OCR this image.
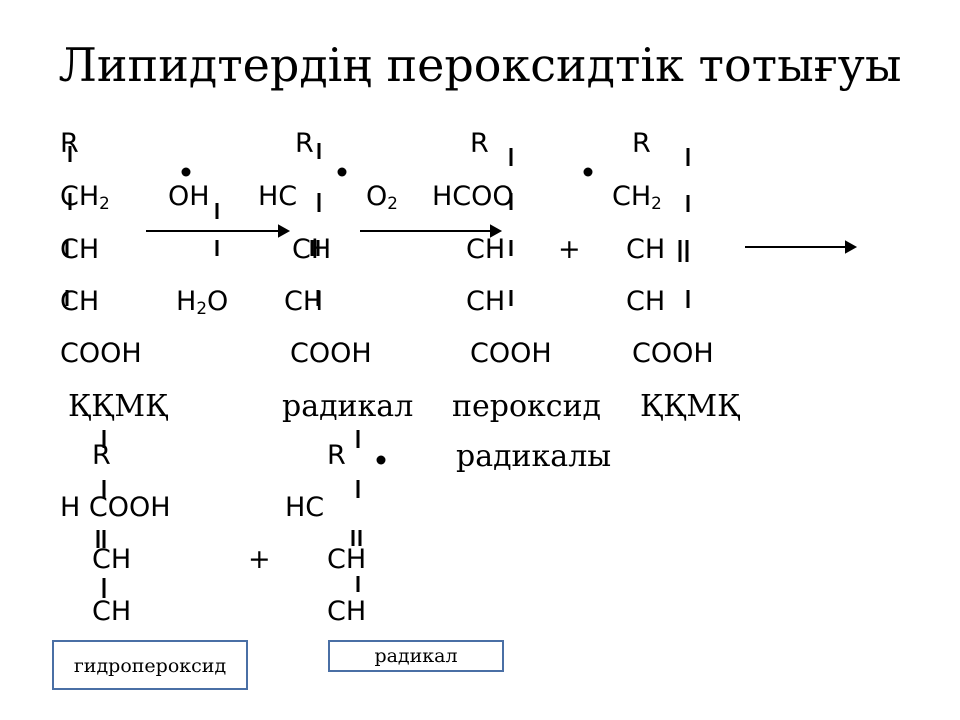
Липидтердің пероксидтік тотығуы
R	R	R	R
CH2 OH HC	O2 HCOO	CH2
CH	CH	CH + CH
CH	H2O CH	CH	CH
COOH	COOH	COOH	COOH
ҚҚМҚ	радикал пероксид ҚҚМҚ
радикалы
R	R
H COOH	HC
CH	+ CH
CH	CH
гидропероксид	радикал
